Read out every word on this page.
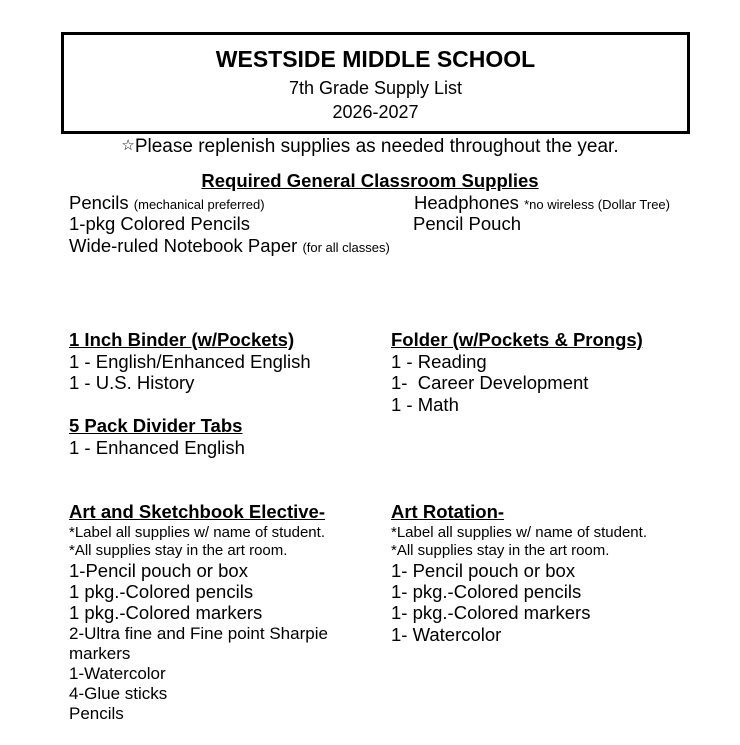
WESTSIDE MIDDLE SCHOOL
7th Grade Supply List
2026-2027
☆Please replenish supplies as needed throughout the year.
Required General Classroom Supplies
Pencils (mechanical preferred)
1-pkg Colored Pencils
Wide-ruled Notebook Paper (for all classes)
Headphones *no wireless (Dollar Tree)
Pencil Pouch
1 Inch Binder (w/Pockets)
1 - English/Enhanced English
1 - U.S. History
Folder (w/Pockets & Prongs)
1 - Reading
1-  Career Development
1 - Math
5 Pack Divider Tabs
1 - Enhanced English
Art and Sketchbook Elective-
*Label all supplies w/ name of student.
*All supplies stay in the art room.
1-Pencil pouch or box
1 pkg.-Colored pencils
1 pkg.-Colored markers
2-Ultra fine and Fine point Sharpie markers
1-Watercolor
4-Glue sticks
Pencils
Art Rotation-
*Label all supplies w/ name of student.
*All supplies stay in the art room.
1- Pencil pouch or box
1- pkg.-Colored pencils
1- pkg.-Colored markers
1- Watercolor
